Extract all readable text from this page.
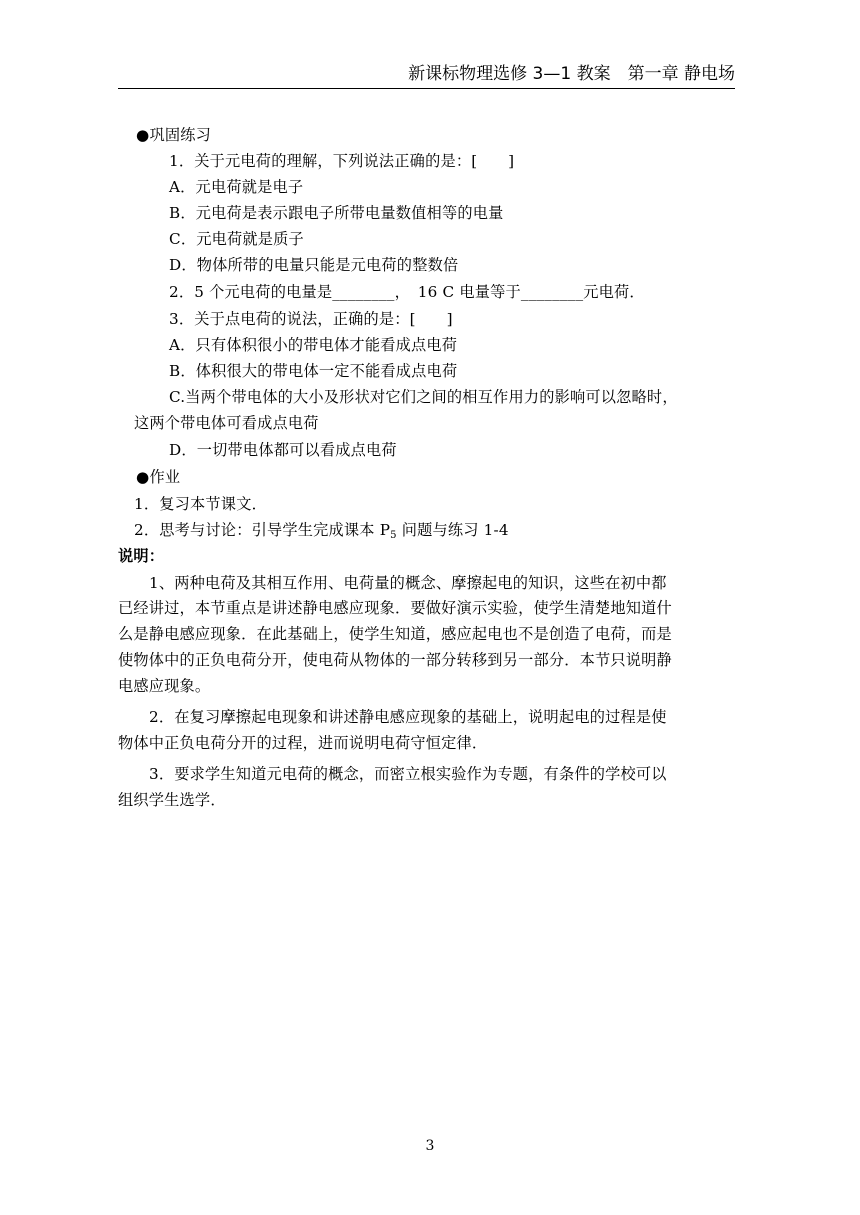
新课标物理选修 3—1 教案　第一章 静电场
●巩固练习
1．关于元电荷的理解，下列说法正确的是：[　　]
A．元电荷就是电子
B．元电荷是表示跟电子所带电量数值相等的电量
C．元电荷就是质子
D．物体所带的电量只能是元电荷的整数倍
2．5 个元电荷的电量是________，　16 C 电量等于________元电荷．
3．关于点电荷的说法，正确的是：[　　]
A．只有体积很小的带电体才能看成点电荷
B．体积很大的带电体一定不能看成点电荷
C.当两个带电体的大小及形状对它们之间的相互作用力的影响可以忽略时，
这两个带电体可看成点电荷
D．一切带电体都可以看成点电荷
●作业
1．复习本节课文．
2．思考与讨论：引导学生完成课本 $P_5$ 问题与练习 1-4
说明：
1、两种电荷及其相互作用、电荷量的概念、摩擦起电的知识，这些在初中都
已经讲过，本节重点是讲述静电感应现象．要做好演示实验，使学生清楚地知道什
么是静电感应现象．在此基础上，使学生知道，感应起电也不是创造了电荷，而是
使物体中的正负电荷分开，使电荷从物体的一部分转移到另一部分．本节只说明静
电感应现象。
2．在复习摩擦起电现象和讲述静电感应现象的基础上，说明起电的过程是使
物体中正负电荷分开的过程，进而说明电荷守恒定律．
3．要求学生知道元电荷的概念，而密立根实验作为专题，有条件的学校可以
组织学生选学．
3
